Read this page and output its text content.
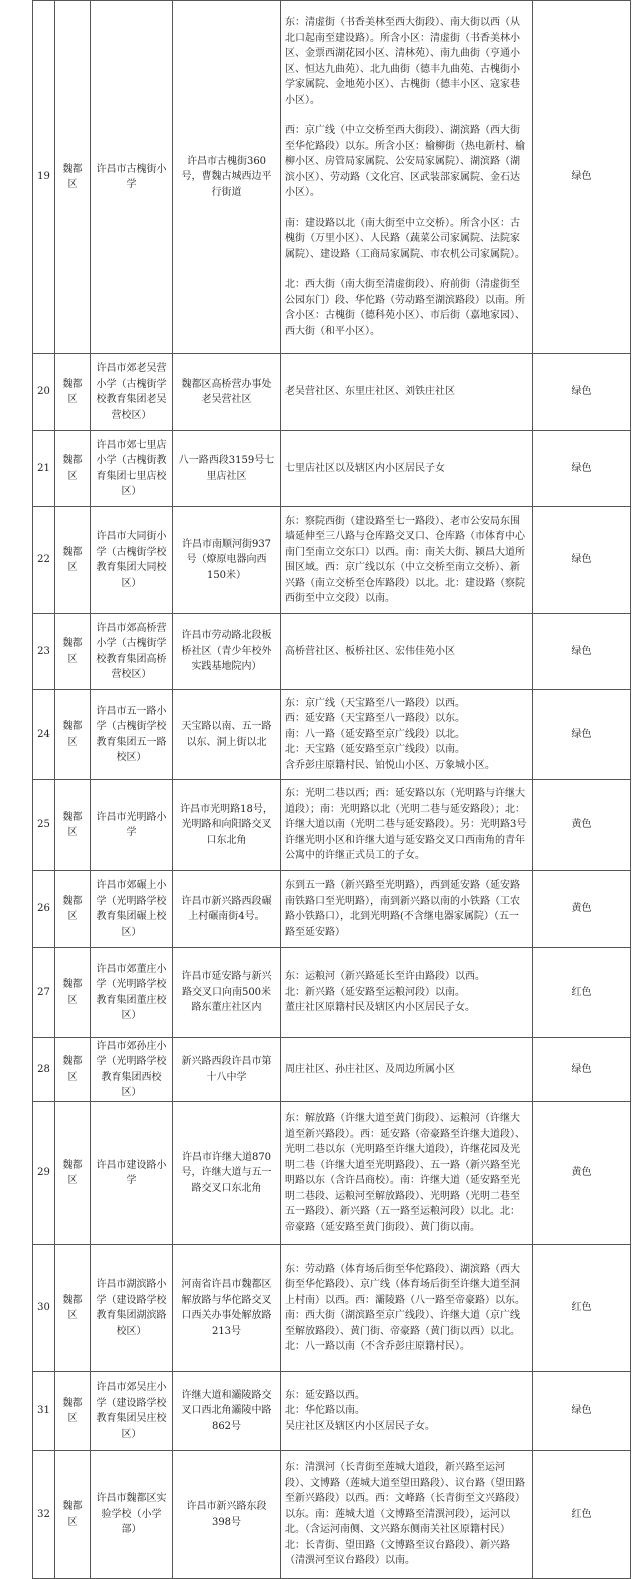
19	魏都区	许昌市古槐街小学	许昌市古槐街360号，曹魏古城西边平行街道	东：清虚街（书香美林至西大街段）、南大街以西（从北口起南至建设路）。所含小区：清虚街（书香美林小区、金票西湖花园小区、清林苑）、南九曲街（亨通小区、恒达九曲苑）、北九曲街（德丰九曲苑、古槐街小学家属院、金地苑小区）、古槐街（德丰小区、寇家巷小区）。
西：京广线（中立交桥至西大街段）、湖滨路（西大街至华佗路段）以东。所含小区：榆柳街（热电新村、榆柳小区、房管局家属院、公安局家属院）、湖滨路（湖滨小区）、劳动路（文化宫、区武装部家属院、金石达小区）。
南：建设路以北（南大街至中立交桥）。所含小区：古槐街（万里小区）、人民路（蔬菜公司家属院、法院家属院）、建设路（工商局家属院、市农机公司家属院）。
北：西大街（南大街至清虚街段）、府前街（清虚街至公园东门）段、华佗路（劳动路至湖滨路段）以南。所含小区：古槐街（德科苑小区）、市后街（嘉地家园）、西大街（和平小区）。	绿色
20	魏都区	许昌市郊老吴营小学（古槐街学校教育集团老吴营校区）	魏都区高桥营办事处老吴营社区	老吴营社区、东里庄社区、刘铁庄社区	绿色
21	魏都区	许昌市郊七里店小学（古槐街教育集团七里店校区）	八一路西段3159号七里店社区	七里店社区以及辖区内小区居民子女	绿色
22	魏都区	许昌市大同街小学（古槐街学校教育集团大同校区）	许昌市南顺河街937号（燎原电器向西150米）	东：察院西街（建设路至七一路段）、老市公安局东围墙延伸至三八路与仓库路交叉口、仓库路（市体育中心南门至南立交东口）以西。南：南关大街、颍昌大道所围区域。西：京广线以东（中立交桥至南立交桥）、新兴路（南立交桥至仓库路段）以北。北：建设路（察院西街至中立交段）以南。	绿色
23	魏都区	许昌市郊高桥营小学（古槐街学校教育集团高桥营校区）	许昌市劳动路北段板桥社区（青少年校外实践基地院内）	高桥营社区、板桥社区、宏伟佳苑小区	绿色
24	魏都区	许昌市五一路小学（古槐街学校教育集团五一路校区）	天宝路以南、五一路以东、洞上街以北	东：京广线（天宝路至八一路段）以西。
西：延安路（天宝路至八一路段）以东。
南：八一路（延安路至京广线段）以北。
北：天宝路（延安路至京广线段）以南。
含乔彭庄原籍村民、铂悦山小区、万象城小区。	绿色
25	魏都区	许昌市光明路小学	许昌市光明路18号，光明路和向阳路交叉口东北角	东：光明二巷以西；西：延安路以东（光明路与许继大道段）；南：光明路以北（光明二巷与延安路段）；北：许继大道以南（光明二巷与延安路段）。另：光明路3号许继光明小区和许继大道与延安路交叉口西南角的青年公寓中的许继正式员工的子女。	黄色
26	魏都区	许昌市郊碾上小学（光明路学校教育集团碾上校区）	许昌市新兴路西段碾上村碾南街4号。	东到五一路（新兴路至光明路），西到延安路（延安路南铁路口至光明路），南到新兴路以南的小铁路（工农路小铁路口），北到光明路(不含继电器家属院）（五一路至延安路）	黄色
27	魏都区	许昌市郊董庄小学（光明路学校教育集团董庄校区）	许昌市延安路与新兴路交叉口向南500米路东董庄社区内	东：运粮河（新兴路延长至许由路段）以西。
北：新兴路（延安路至运粮河段）以南。
董庄社区原籍村民及辖区内小区居民子女。	红色
28	魏都区	许昌市郊孙庄小学（光明路学校教育集团西校区）	新兴路西段许昌市第十八中学	周庄社区、孙庄社区、及周边所属小区	绿色
29	魏都区	许昌市建设路小学	许昌市许继大道870号，许继大道与五一路交叉口东北角	东：解放路（许继大道至黄门街段）、运粮河（许继大道至新兴路段）。西：延安路（帝豪路至许继大道段）、光明二巷以东（光明路至许继大道段），许继花园及光明二巷（许继大道至光明路段）、五一路（新兴路至光明路以东（含许昌商校）。南：许继大道（延安路至光明二巷段、运粮河至解放路段）、光明路（光明二巷至五一路段）、新兴路（五一路至运粮河段）以北。北：帝豪路（延安路至黄门街段）、黄门街以南。	黄色
30	魏都区	许昌市湖滨路小学（建设路学校教育集团湖滨路校区）	河南省许昌市魏都区解放路与华佗路交叉口西关办事处解放路213号	东：劳动路（体育场后街至华佗路段）、湖滨路（西大街至华佗路段）、京广线（体育场后街至许继大道至洞上村南）以西。西：灞陵路（八一路至帝豪路）以东。南：西大街（湖滨路至京广线段）、许继大道（京广线至解放路段）、黄门街、帝豪路（黄门街以西）以北。北：八一路以南（不含乔彭庄原籍村民）。	红色
31	魏都区	许昌市郊吴庄小学（建设路学校教育集团吴庄校区）	许继大道和灞陵路交叉口西北角灞陵中路862号	东：延安路以西。
北：华佗路以南。
吴庄社区及辖区内小区居民子女。	绿色
32	魏都区	许昌市魏都区实验学校（小学部）	许昌市新兴路东段398号	东：清潩河（长青街至莲城大道段，新兴路至运河段）、文博路（莲城大道至望田路段）、议台路（望田路至新兴路段）以西。西：文峰路（长青街至文兴路段）以东。南：莲城大道（文博路至清潩河段），运河以北。（含运河南侧、文兴路东侧南关社区原籍村民）北：长青街、望田路（文博路至议台路段）、新兴路（清潩河至议台路段）以南。	红色
